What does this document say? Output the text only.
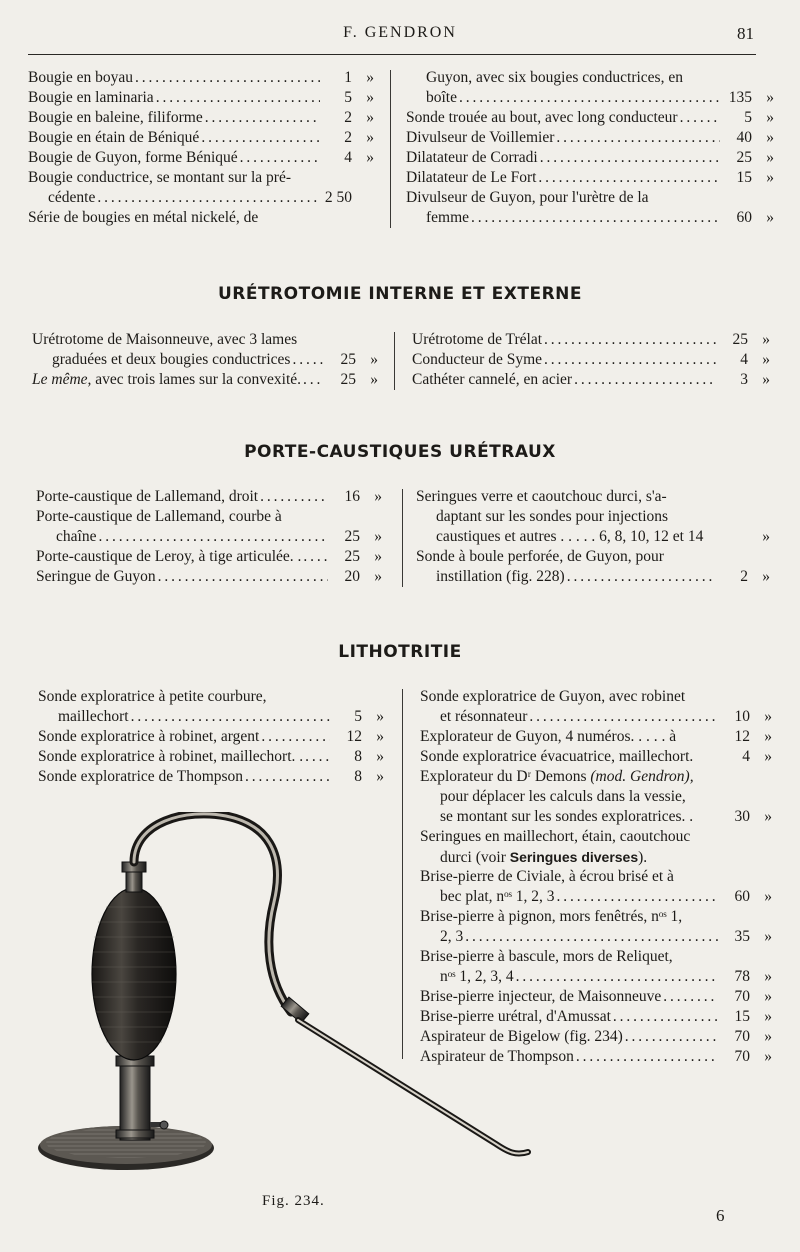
F. GENDRON	81
Bougie en boyau . . .	1 »
Bougie en laminaria . . .	5 »
Bougie en baleine, filiforme . . .	2 »
Bougie en étain de Béniqué . . .	2 »
Bougie de Guyon, forme Béniqué . . .	4 »
Bougie conductrice, se montant sur la pré-
cédente . . .	2 50
Série de bougies en métal nickelé, de
Guyon, avec six bougies conductrices, en
boîte . . .	135 »
Sonde trouée au bout, avec long conducteur . . .	5 »
Divulseur de Voillemier . . .	40 »
Dilatateur de Corradi . . .	25 »
Dilatateur de Le Fort . . .	15 »
Divulseur de Guyon, pour l'urètre de la
femme . . .	60 »
URÉTROTOMIE INTERNE ET EXTERNE
Urétrotome de Maisonneuve, avec 3 lames
graduées et deux bougies conductrices . . .	25 »
Le même, avec trois lames sur la convexité. . . .	25 »
Urétrotome de Trélat . . .	25 »
Conducteur de Syme . . .	4 »
Cathéter cannelé, en acier . . .	3 »
PORTE-CAUSTIQUES URÉTRAUX
Porte-caustique de Lallemand, droit . . .	16 »
Porte-caustique de Lallemand, courbe à
chaîne . . .	25 »
Porte-caustique de Leroy, à tige articulée. . . . .	25 »
Seringue de Guyon . . .	20 »
Seringues verre et caoutchouc durci, s'a-
daptant sur les sondes pour injections
caustiques et autres . . . . . 6, 8, 10, 12 et 14	»
Sonde à boule perforée, de Guyon, pour
instillation (fig. 228) . . .	2 »
LITHOTRITIE
Sonde exploratrice à petite courbure,
maillechort . . .	5 »
Sonde exploratrice à robinet, argent . . .	12 »
Sonde exploratrice à robinet, maillechort. . . . .	8 »
Sonde exploratrice de Thompson . . .	8 »
Sonde exploratrice de Guyon, avec robinet
et résonnateur . . .	10 »
Explorateur de Guyon, 4 numéros. . . . . à	12 »
Sonde exploratrice évacuatrice, maillechort.	4 »
Explorateur du Dʳ Demons (mod. Gendron),
pour déplacer les calculs dans la vessie,
se montant sur les sondes exploratrices. .	30 »
Seringues en maillechort, étain, caoutchouc
durci (voir Seringues diverses).
Brise-pierre de Civiale, à écrou brisé et à
bec plat, nᵒˢ 1, 2, 3 . . .	60 »
Brise-pierre à pignon, mors fenêtrés, nᵒˢ 1,
2, 3 . . .	35 »
Brise-pierre à bascule, mors de Reliquet,
nᵒˢ 1, 2, 3, 4 . . .	78 »
Brise-pierre injecteur, de Maisonneuve . . .	70 »
Brise-pierre urétral, d'Amussat . . .	15 »
Aspirateur de Bigelow (fig. 234) . . .	70 »
Aspirateur de Thompson . . .	70 »
Fig. 234.
6
